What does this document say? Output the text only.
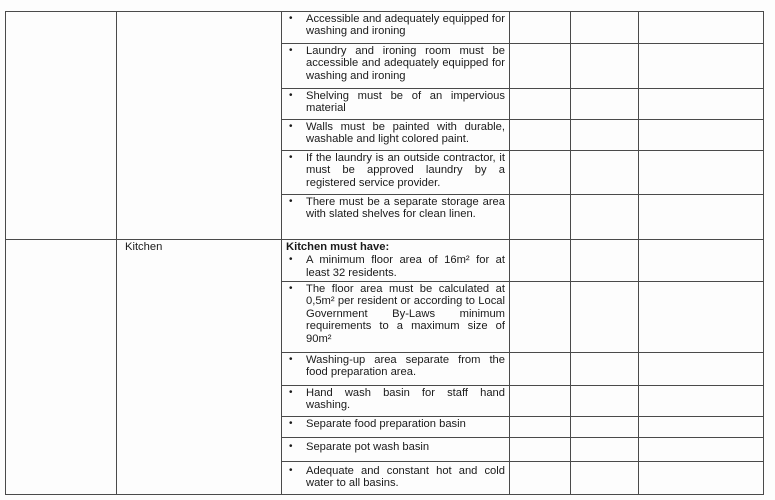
		• Accessible and adequately equipped for washing and ironing			

		• Laundry and ironing room must be accessible and adequately equipped for washing and ironing			

		• Shelving must be of an impervious material			

		• Walls must be painted with durable, washable and light colored paint.			

		• If the laundry is an outside contractor, it must be approved laundry by a registered service provider.			

		• There must be a separate storage area with slated shelves for clean linen.			

	Kitchen	Kitchen must have:
• A minimum floor area of 16m² for at least 32 residents.			

		• The floor area must be calculated at 0,5m² per resident or according to Local Government By-Laws minimum requirements to a maximum size of 90m²			

		• Washing-up area separate from the food preparation area.			

		• Hand wash basin for staff hand washing.			

		• Separate food preparation basin			

		• Separate pot wash basin			

		• Adequate and constant hot and cold water to all basins.			
